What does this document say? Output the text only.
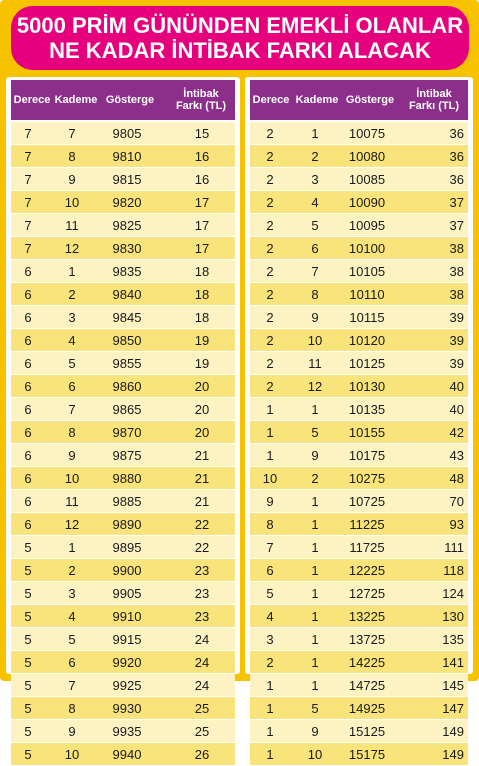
5000 PRİM GÜNÜNDEN EMEKLİ OLANLAR
NE KADAR İNTİBAK FARKI ALACAK
Derece Kademe Gösterge	İntibak
Farkı (TL)
7	7	9805	15
7	8	9810	16
7	9	9815	16
7	10	9820	17
7	11	9825	17
7	12	9830	17
6	1	9835	18
6	2	9840	18
6	3	9845	18
6	4	9850	19
6	5	9855	19
6	6	9860	20
6	7	9865	20
6	8	9870	20
6	9	9875	21
6	10	9880	21
6	11	9885	21
6	12	9890	22
5	1	9895	22
5	2	9900	23
5	3	9905	23
5	4	9910	23
5	5	9915	24
5	6	9920	24
5	7	9925	24
5	8	9930	25
5	9	9935	25
5	10	9940	26
Derece Kademe Gösterge	İntibak
Farkı (TL)
2	1	10075	36
2	2	10080	36
2	3	10085	36
2	4	10090	37
2	5	10095	37
2	6	10100	38
2	7	10105	38
2	8	10110	38
2	9	10115	39
2	10	10120	39
2	11	10125	39
2	12	10130	40
1	1	10135	40
1	5	10155	42
1	9	10175	43
10	2	10275	48
9	1	10725	70
8	1	11225	93
7	1	11725	111
6	1	12225	118
5	1	12725	124
4	1	13225	130
3	1	13725	135
2	1	14225	141
1	1	14725	145
1	5	14925	147
1	9	15125	149
1	10	15175	149
